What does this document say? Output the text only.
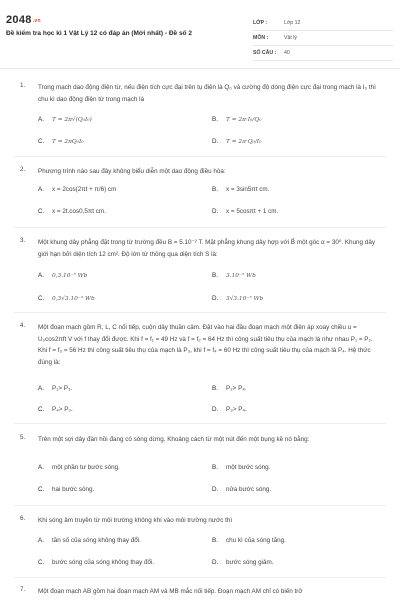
$2048^{.vn}$
Đề kiểm tra học kì 1 Vật Lý 12 có đáp án (Mới nhất) - Đề số 2
LỚP :	Lớp 12
MÔN :	Vật lý
SỐ CÂU : 40
1. Trong mạch dao động điện từ, nếu điện tích cực đại trên tụ điện là Q₀ và cường độ dòng điện cực đại trong mạch là I₀ thì chu kì dao động điện từ trong mạch là
A. T = 2π√(Q₀I₀)	B. T = 2π·I₀/Q₀
C. T = 2πQ₀I₀	D. T = 2π·Q₀/I₀
2. Phương trình nào sau đây không biểu diễn một dao động điều hòa:
A. x = 2cos(2πt + π/6) cm	B. x = 3sin5πt cm.
C. x = 2t.cos0,5πt cm.	D. x = 5cosπt + 1 cm.
3. Một khung dây phẳng đặt trong từ trường đều B = 5.10⁻² T. Mặt phẳng khung dây hợp với B⃗ một góc α = 30⁰. Khung dây giới hạn bởi diện tích 12 cm². Độ lớn từ thông qua diện tích S là:
A. 0,3.10⁻⁵ Wb	B. 3.10⁻⁵ Wb
C. 0,3√3.10⁻⁵ Wb	D. 3√3.10⁻⁵ Wb
4. Một đoạn mạch gồm R, L, C nối tiếp, cuộn dây thuần cảm. Đặt vào hai đầu đoạn mạch một điện áp xoay chiều u = U₀cos2πft V với f thay đổi được. Khi f = f₁ = 49 Hz và f = f₂ = 64 Hz thì công suất tiêu thụ của mạch là như nhau P₁ = P₂. Khi f = f₃ = 56 Hz thì công suất tiêu thụ của mạch là P₃, khi f = f₄ = 60 Hz thì công suất tiêu thụ của mạch là P₄. Hệ thức đúng là:
A. P₁> P₃.	B. P₂> P₄.
C. P₄> P₃.	D. P₃> P₄.
5. Trên một sợi dây đàn hồi đang có sóng dừng. Khoảng cách từ một nút đến một bụng kề nó bằng:
A. một phần tư bước sóng.	B. một bước sóng.
C. hai bước sóng.	D. nửa bước sóng.
6. Khi sóng âm truyền từ môi trường không khí vào môi trường nước thì
A. tần số của sóng không thay đổi.	B. chu kì của sóng tăng.
C. bước sóng của sóng không thay đổi.	D. bước sóng giảm.
7. Một đoạn mạch AB gồm hai đoạn mạch AM và MB mắc nối tiếp. Đoạn mạch AM chỉ có biến trở
